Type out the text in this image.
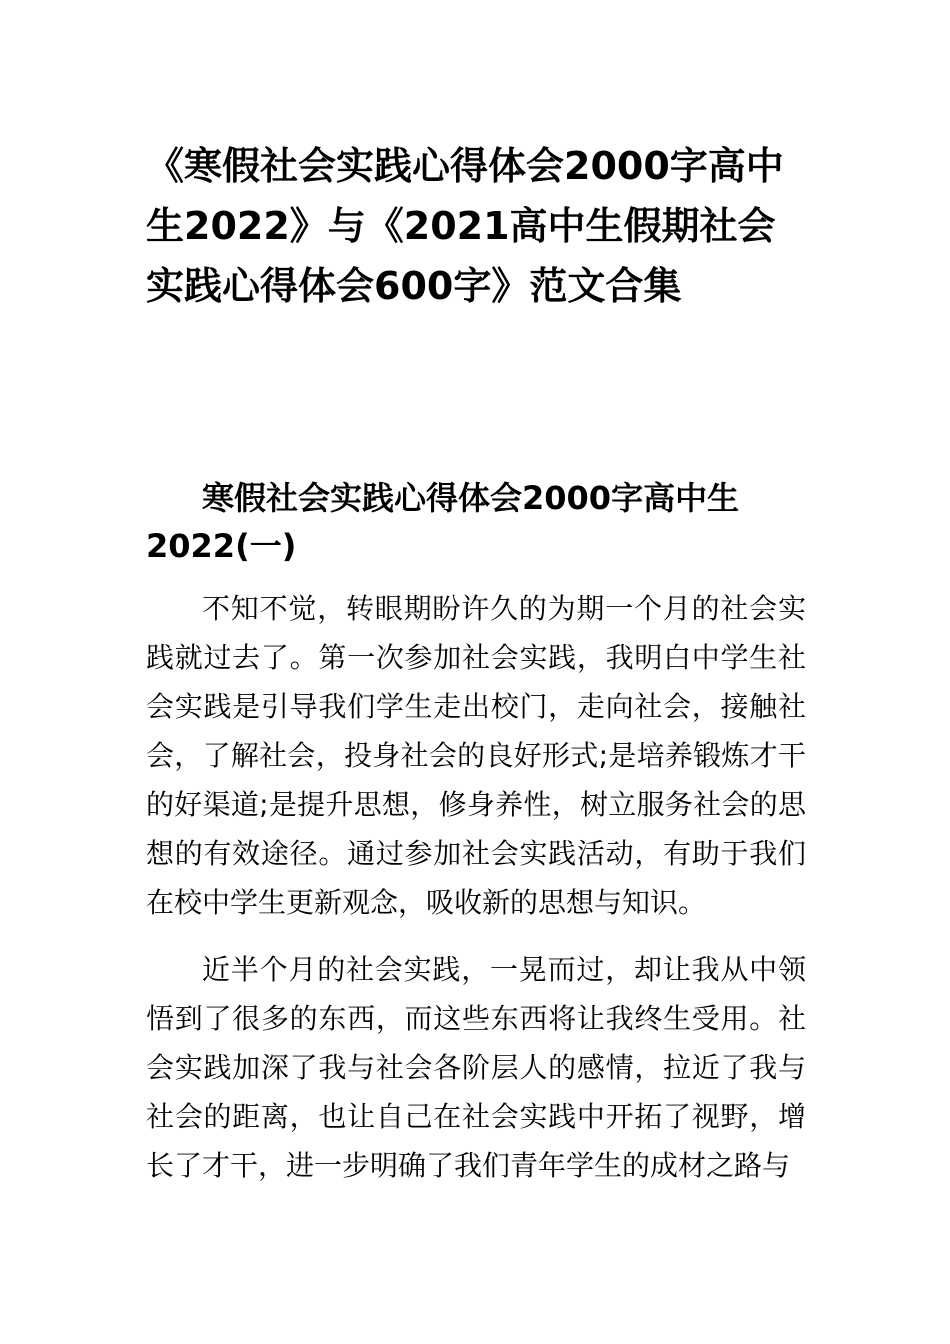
《寒假社会实践心得体会2000字高中生2022》与《2021高中生假期社会实践心得体会600字》范文合集
寒假社会实践心得体会2000字高中生2022(一)

不知不觉，转眼期盼许久的为期一个月的社会实践就过去了。第一次参加社会实践，我明白中学生社会实践是引导我们学生走出校门，走向社会，接触社会，了解社会，投身社会的良好形式;是培养锻炼才干的好渠道;是提升思想，修身养性，树立服务社会的思想的有效途径。通过参加社会实践活动，有助于我们在校中学生更新观念，吸收新的思想与知识。

近半个月的社会实践，一晃而过，却让我从中领悟到了很多的东西，而这些东西将让我终生受用。社会实践加深了我与社会各阶层人的感情，拉近了我与社会的距离，也让自己在社会实践中开拓了视野，增长了才干，进一步明确了我们青年学生的成材之路与
